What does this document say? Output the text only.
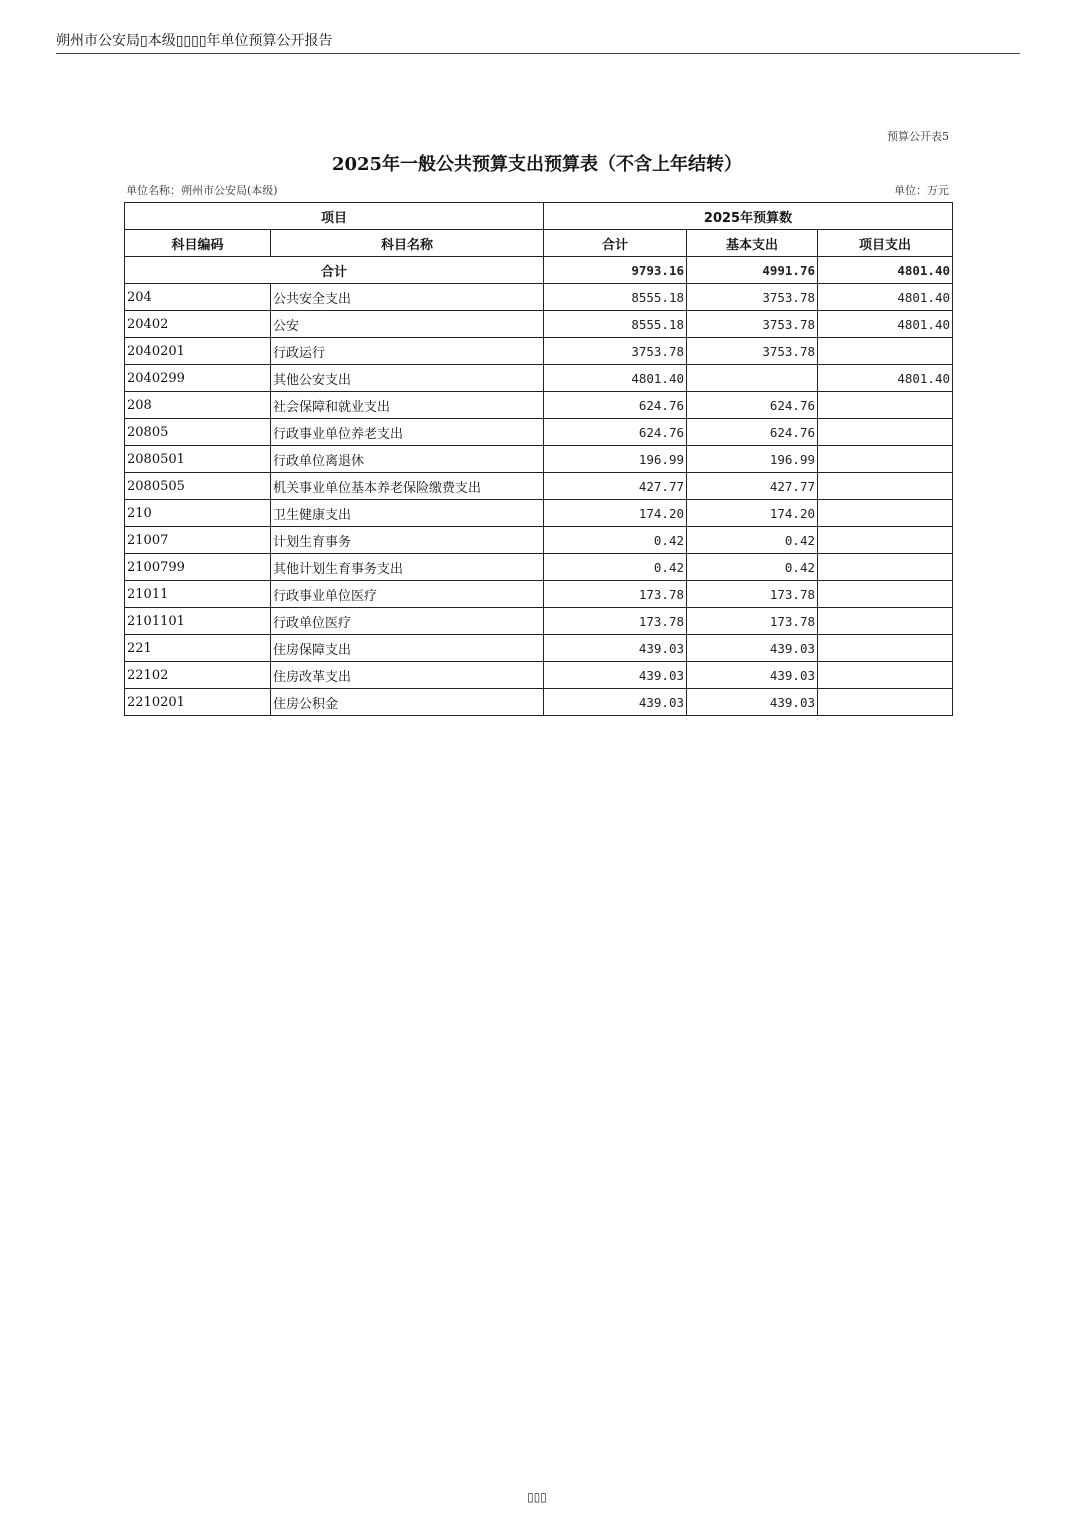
朔州市公安局▯本级▯▯▯▯年单位预算公开报告
预算公开表5
2025年一般公共预算支出预算表（不含上年结转）
单位名称：朔州市公安局(本级)	单位：万元
项目		2025年预算数		
科目编码	科目名称	合计	基本支出	项目支出
合计		9793.16	4991.76	4801.40
204	公共安全支出	8555.18	3753.78	4801.40
20402	公安	8555.18	3753.78	4801.40
2040201	行政运行	3753.78	3753.78	
2040299	其他公安支出	4801.40		4801.40
208	社会保障和就业支出	624.76	624.76	
20805	行政事业单位养老支出	624.76	624.76	
2080501	行政单位离退休	196.99	196.99	
2080505	机关事业单位基本养老保险缴费支出	427.77	427.77	
210	卫生健康支出	174.20	174.20	
21007	计划生育事务	0.42	0.42	
2100799	其他计划生育事务支出	0.42	0.42	
21011	行政事业单位医疗	173.78	173.78	
2101101	行政单位医疗	173.78	173.78	
221	住房保障支出	439.03	439.03	
22102	住房改革支出	439.03	439.03	
2210201	住房公积金	439.03	439.03	
▯▯▯
